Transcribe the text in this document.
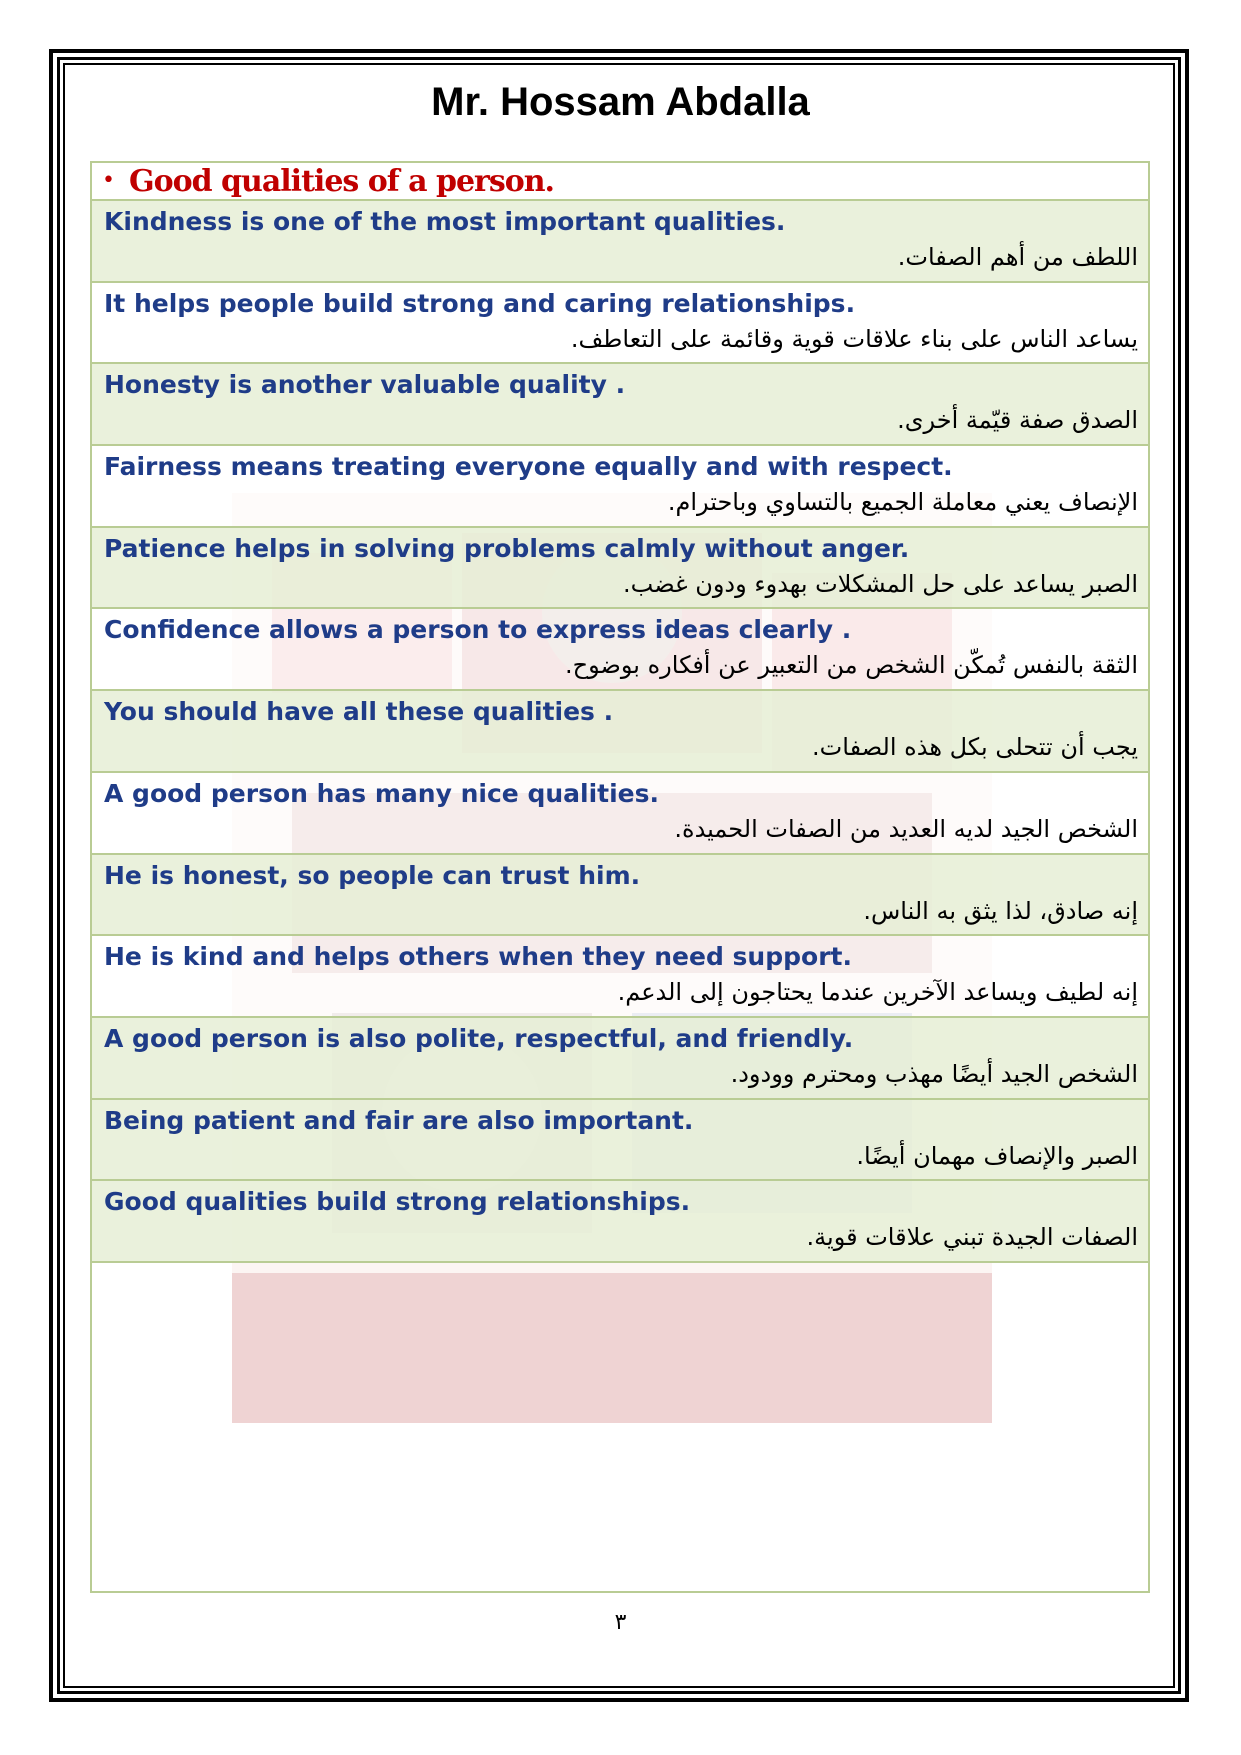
Mr. Hossam Abdalla
• Good qualities of a person.
Kindness is one of the most important qualities.
اللطف من أهم الصفات.
It helps people build strong and caring relationships.
يساعد الناس على بناء علاقات قوية وقائمة على التعاطف.
Honesty is another valuable quality .
الصدق صفة قيّمة أخرى.
Fairness means treating everyone equally and with respect.
الإنصاف يعني معاملة الجميع بالتساوي وباحترام.
Patience helps in solving problems calmly without anger.
الصبر يساعد على حل المشكلات بهدوء ودون غضب.
Confidence allows a person to express ideas clearly .
الثقة بالنفس تُمكّن الشخص من التعبير عن أفكاره بوضوح.
You should have all these qualities .
يجب أن تتحلى بكل هذه الصفات.
A good person has many nice qualities.
الشخص الجيد لديه العديد من الصفات الحميدة.
He is honest, so people can trust him.
إنه صادق، لذا يثق به الناس.
He is kind and helps others when they need support.
إنه لطيف ويساعد الآخرين عندما يحتاجون إلى الدعم.
A good person is also polite, respectful, and friendly.
الشخص الجيد أيضًا مهذب ومحترم وودود.
Being patient and fair are also important.
الصبر والإنصاف مهمان أيضًا.
Good qualities build strong relationships.
الصفات الجيدة تبني علاقات قوية.
٣
